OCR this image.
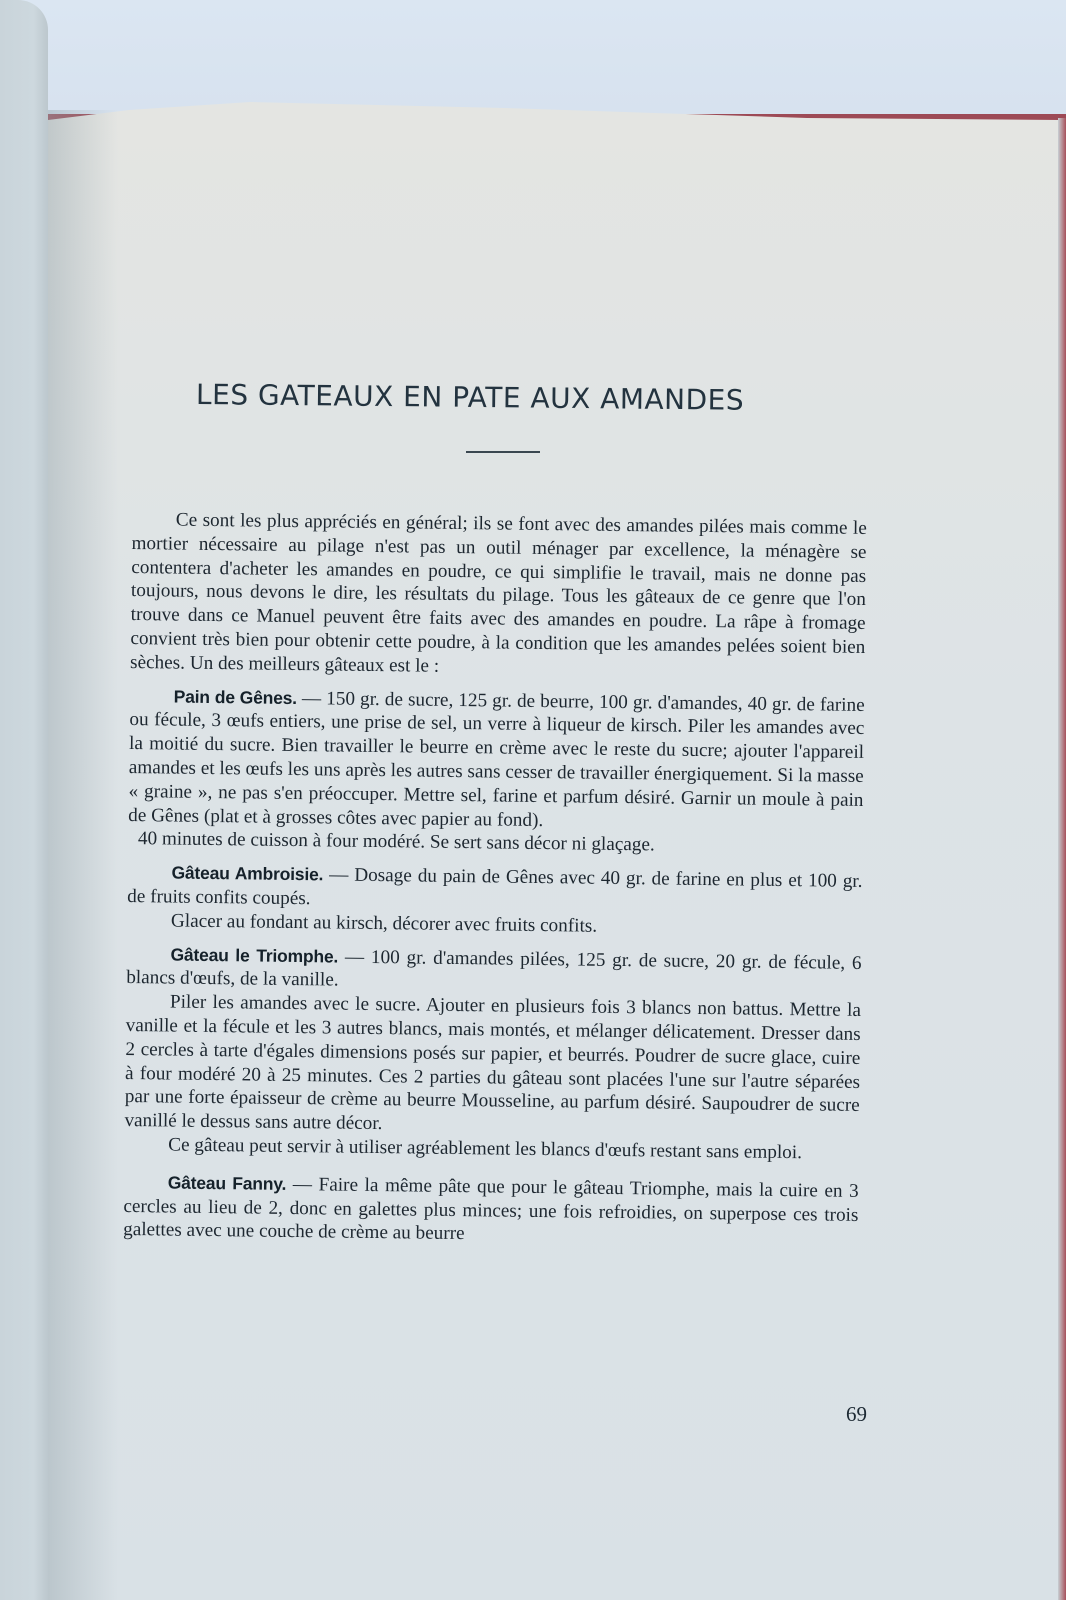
LES GATEAUX EN PATE AUX AMANDES

Ce sont les plus appréciés en général; ils se font avec des amandes pilées mais comme le mortier nécessaire au pilage n'est pas un outil ménager par excellence, la ménagère se contentera d'acheter les amandes en poudre, ce qui simplifie le travail, mais ne donne pas toujours, nous devons le dire, les résultats du pilage. Tous les gâteaux de ce genre que l'on trouve dans ce Manuel peuvent être faits avec des amandes en poudre. La râpe à fromage convient très bien pour obtenir cette poudre, à la condition que les amandes pelées soient bien sèches. Un des meilleurs gâteaux est le :

Pain de Gênes. — 150 gr. de sucre, 125 gr. de beurre, 100 gr. d'amandes, 40 gr. de farine ou fécule, 3 œufs entiers, une prise de sel, un verre à liqueur de kirsch. Piler les amandes avec la moitié du sucre. Bien travailler le beurre en crème avec le reste du sucre; ajouter l'appareil amandes et les œufs les uns après les autres sans cesser de travailler énergiquement. Si la masse « graine », ne pas s'en préoccuper. Mettre sel, farine et parfum désiré. Garnir un moule à pain de Gênes (plat et à grosses côtes avec papier au fond).

40 minutes de cuisson à four modéré. Se sert sans décor ni glaçage.

Gâteau Ambroisie. — Dosage du pain de Gênes avec 40 gr. de farine en plus et 100 gr. de fruits confits coupés.

Glacer au fondant au kirsch, décorer avec fruits confits.

Gâteau le Triomphe. — 100 gr. d'amandes pilées, 125 gr. de sucre, 20 gr. de fécule, 6 blancs d'œufs, de la vanille.

Piler les amandes avec le sucre. Ajouter en plusieurs fois 3 blancs non battus. Mettre la vanille et la fécule et les 3 autres blancs, mais montés, et mélanger délicatement. Dresser dans 2 cercles à tarte d'égales dimensions posés sur papier, et beurrés. Poudrer de sucre glace, cuire à four modéré 20 à 25 minutes. Ces 2 parties du gâteau sont placées l'une sur l'autre séparées par une forte épaisseur de crème au beurre Mousseline, au parfum désiré. Saupoudrer de sucre vanillé le dessus sans autre décor.

Ce gâteau peut servir à utiliser agréablement les blancs d'œufs restant sans emploi.

Gâteau Fanny. — Faire la même pâte que pour le gâteau Triomphe, mais la cuire en 3 cercles au lieu de 2, donc en galettes plus minces; une fois refroidies, on superpose ces trois galettes avec une couche de crème au beurre

69
